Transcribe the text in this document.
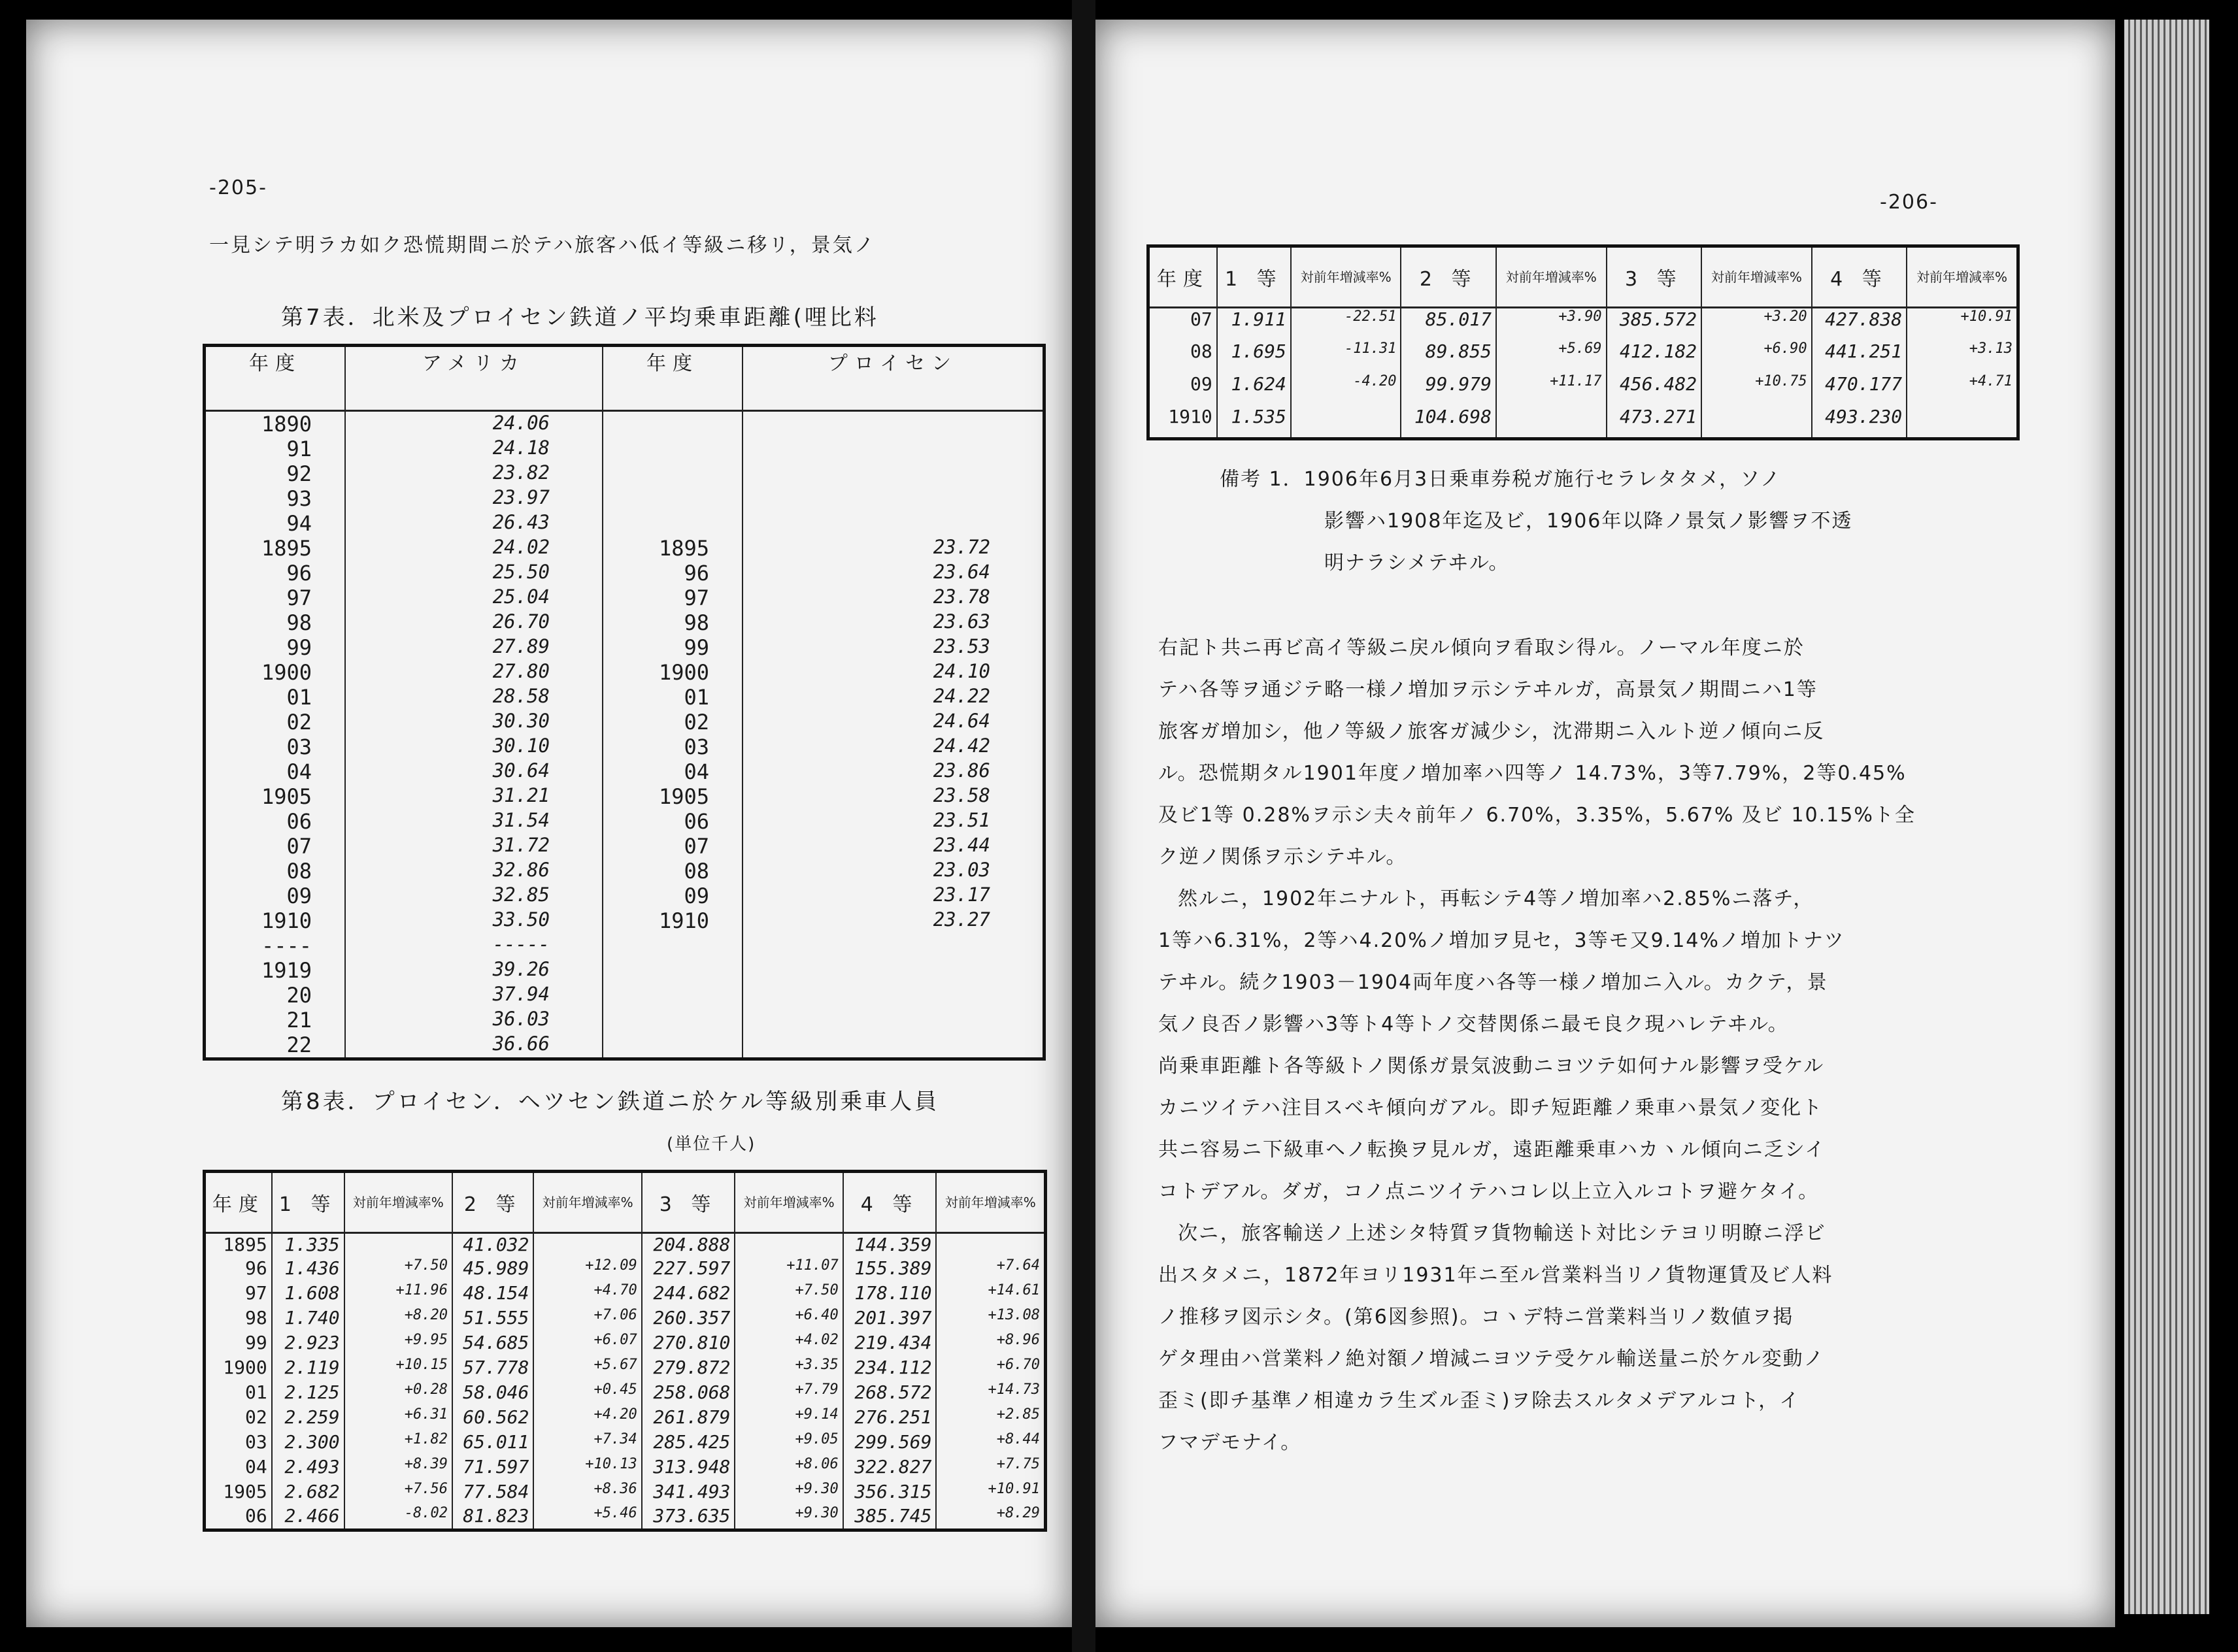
-205-
一見シテ明ラカ如ク恐慌期間ニ於テハ旅客ハ低イ等級ニ移リ，景気ノ
第7表．北米及プロイセン鉄道ノ平均乗車距離(哩比料
年度	アメリカ	年度	プロイセン
1890	24.06		
91	24.18		
92	23.82		
93	23.97		
94	26.43		
1895	24.02	1895	23.72
96	25.50	96	23.64
97	25.04	97	23.78
98	26.70	98	23.63
99	27.89	99	23.53
1900	27.80	1900	24.10
01	28.58	01	24.22
02	30.30	02	24.64
03	30.10	03	24.42
04	30.64	04	23.86
1905	31.21	1905	23.58
06	31.54	06	23.51
07	31.72	07	23.44
08	32.86	08	23.03
09	32.85	09	23.17
1910	33.50	1910	23.27
----	-----		
1919	39.26		
20	37.94		
21	36.03		
22	36.66		
第8表．プロイセン．ヘツセン鉄道ニ於ケル等級別乗車人員
(単位千人)
年度	1 等	対前年増減率%	2 等	対前年増減率%	3 等	対前年増減率%	4 等	対前年増減率%
1895	1.335		41.032		204.888		144.359	
96	1.436	+7.50	45.989	+12.09	227.597	+11.07	155.389	+7.64
97	1.608	+11.96	48.154	+4.70	244.682	+7.50	178.110	+14.61
98	1.740	+8.20	51.555	+7.06	260.357	+6.40	201.397	+13.08
99	2.923	+9.95	54.685	+6.07	270.810	+4.02	219.434	+8.96
1900	2.119	+10.15	57.778	+5.67	279.872	+3.35	234.112	+6.70
01	2.125	+0.28	58.046	+0.45	258.068	+7.79	268.572	+14.73
02	2.259	+6.31	60.562	+4.20	261.879	+9.14	276.251	+2.85
03	2.300	+1.82	65.011	+7.34	285.425	+9.05	299.569	+8.44
04	2.493	+8.39	71.597	+10.13	313.948	+8.06	322.827	+7.75
1905	2.682	+7.56	77.584	+8.36	341.493	+9.30	356.315	+10.91
06	2.466	-8.02	81.823	+5.46	373.635	+9.30	385.745	+8.29
-206-
年度	1 等	対前年増減率%	2 等	対前年増減率%	3 等	対前年増減率%	4 等	対前年増減率%
07	1.911	-22.51	85.017	+3.90	385.572	+3.20	427.838	+10.91
08	1.695	-11.31	89.855	+5.69	412.182	+6.90	441.251	+3.13
09	1.624	-4.20	99.979	+11.17	456.482	+10.75	470.177	+4.71
1910	1.535		104.698		473.271		493.230	

備考 1．1906年6月3日乗車券税ガ施行セラレタタメ，ソノ

影響ハ1908年迄及ビ，1906年以降ノ景気ノ影響ヲ不透

明ナラシメテヰル。

右記ト共ニ再ビ高イ等級ニ戻ル傾向ヲ看取シ得ル。ノーマル年度ニ於

テハ各等ヲ通ジテ略一様ノ増加ヲ示シテヰルガ，高景気ノ期間ニハ1等

旅客ガ増加シ，他ノ等級ノ旅客ガ減少シ，沈滞期ニ入ルト逆ノ傾向ニ反

ル。恐慌期タル1901年度ノ増加率ハ四等ノ 14.73%，3等7.79%，2等0.45%

及ビ1等 0.28%ヲ示シ夫々前年ノ 6.70%，3.35%，5.67% 及ビ 10.15%ト全

ク逆ノ関係ヲ示シテヰル。

然ルニ，1902年ニナルト，再転シテ4等ノ増加率ハ2.85%ニ落チ，

1等ハ6.31%，2等ハ4.20%ノ増加ヲ見セ，3等モ又9.14%ノ増加トナツ

テヰル。続ク1903－1904両年度ハ各等一様ノ増加ニ入ル。カクテ，景

気ノ良否ノ影響ハ3等ト4等トノ交替関係ニ最モ良ク現ハレテヰル。

尚乗車距離ト各等級トノ関係ガ景気波動ニヨツテ如何ナル影響ヲ受ケル

カニツイテハ注目スベキ傾向ガアル。即チ短距離ノ乗車ハ景気ノ変化ト

共ニ容易ニ下級車ヘノ転換ヲ見ルガ，遠距離乗車ハカヽル傾向ニ乏シイ

コトデアル。ダガ，コノ点ニツイテハコレ以上立入ルコトヲ避ケタイ。

次ニ，旅客輸送ノ上述シタ特質ヲ貨物輸送ト対比シテヨリ明瞭ニ浮ビ

出スタメニ，1872年ヨリ1931年ニ至ル営業料当リノ貨物運賃及ビ人料

ノ推移ヲ図示シタ。(第6図参照)。コヽデ特ニ営業料当リノ数値ヲ掲

ゲタ理由ハ営業料ノ絶対額ノ増減ニヨツテ受ケル輸送量ニ於ケル変動ノ

歪ミ(即チ基準ノ相違カラ生ズル歪ミ)ヲ除去スルタメデアルコト，イ

フマデモナイ。
